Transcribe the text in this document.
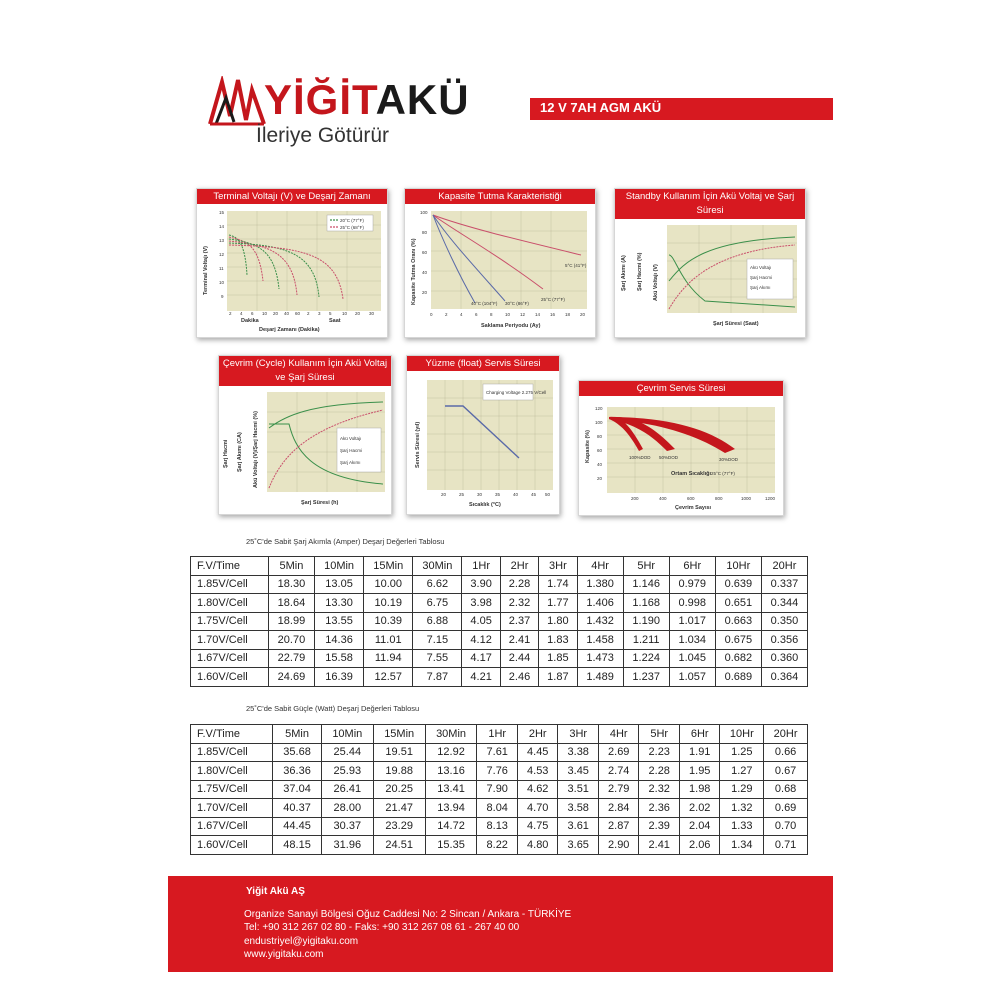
YİĞİTAKÜ
İleriye Götürür
12 V 7AH AGM AKÜ
Terminal Voltajı (V) ve Deşarj Zamanı
20°C (77°F)
25°C (68°F)
Terminal Voltajı (V)
15
14
13
12
11
10
9
2 4 6 10 20 40 60 2 3 5 10 20 30
Dakika	Saat
Deşarj Zamanı (Dakika)
Kapasite Tutma Karakteristiği
5°C (41°F)
25°C (77°F)
30°C (86°F)
40°C (104°F)
Kapasite Tutma Oranı (%)
100
80
60
40
20
0	2	4	6	8	10 12 14 16 18 20
Saklama Periyodu (Ay)
Standby Kullanım İçin Akü Voltaj ve Şarj Süresi
Akü Voltajı
Şarj Hacmi
Şarj Akımı
Şarj Akımı (A) Şarj Hacmi (%) Akü Voltajı (V)
Şarj Süresi (Saat)
Çevrim (Cycle) Kullanım İçin Akü Voltaj ve Şarj Süresi
Akü Voltajı
Şarj Hacmi
Şarj Akımı
Şarj Hacmi Şarj Akımı (CA) Akü Voltajı (V)/Şarj Hacmi (%)
Şarj Süresi (h)
Yüzme (float) Servis Süresi
Charging Voltage 2.275 V/Cell
Servis Süresi (yıl)
20	25	30	35	40	45 50
Sıcaklık (°C)
Çevrim Servis Süresi
100%DOD 50%DOD	30%DOD
Ortam Sıcaklığı 25°C (77°F)
Kapasite (%)
120
100
80
60
40
20
200	400	600	800	1000	1200
Çevrim Sayısı
25˚C'de Sabit Şarj Akımla (Amper) Deşarj Değerleri Tablosu
F.V/Time	5Min	10Min	15Min	30Min	1Hr	2Hr	3Hr	4Hr	5Hr	6Hr	10Hr	20Hr
1.85V/Cell	18.30	13.05	10.00	6.62	3.90	2.28	1.74	1.380	1.146	0.979	0.639	0.337
1.80V/Cell	18.64	13.30	10.19	6.75	3.98	2.32	1.77	1.406	1.168	0.998	0.651	0.344
1.75V/Cell	18.99	13.55	10.39	6.88	4.05	2.37	1.80	1.432	1.190	1.017	0.663	0.350
1.70V/Cell	20.70	14.36	11.01	7.15	4.12	2.41	1.83	1.458	1.211	1.034	0.675	0.356
1.67V/Cell	22.79	15.58	11.94	7.55	4.17	2.44	1.85	1.473	1.224	1.045	0.682	0.360
1.60V/Cell	24.69	16.39	12.57	7.87	4.21	2.46	1.87	1.489	1.237	1.057	0.689	0.364
25˚C'de Sabit Güçle (Watt) Deşarj Değerleri Tablosu
F.V/Time	5Min	10Min	15Min	30Min	1Hr	2Hr	3Hr	4Hr	5Hr	6Hr	10Hr	20Hr
1.85V/Cell	35.68	25.44	19.51	12.92	7.61	4.45	3.38	2.69	2.23	1.91	1.25	0.66
1.80V/Cell	36.36	25.93	19.88	13.16	7.76	4.53	3.45	2.74	2.28	1.95	1.27	0.67
1.75V/Cell	37.04	26.41	20.25	13.41	7.90	4.62	3.51	2.79	2.32	1.98	1.29	0.68
1.70V/Cell	40.37	28.00	21.47	13.94	8.04	4.70	3.58	2.84	2.36	2.02	1.32	0.69
1.67V/Cell	44.45	30.37	23.29	14.72	8.13	4.75	3.61	2.87	2.39	2.04	1.33	0.70
1.60V/Cell	48.15	31.96	24.51	15.35	8.22	4.80	3.65	2.90	2.41	2.06	1.34	0.71
Yiğit Akü AŞ
Organize Sanayi Bölgesi Oğuz Caddesi No: 2 Sincan / Ankara - TÜRKİYE
Tel: +90 312 267 02 80 - Faks: +90 312 267 08 61 - 267 40 00
endustriyel@yigitaku.com
www.yigitaku.com
